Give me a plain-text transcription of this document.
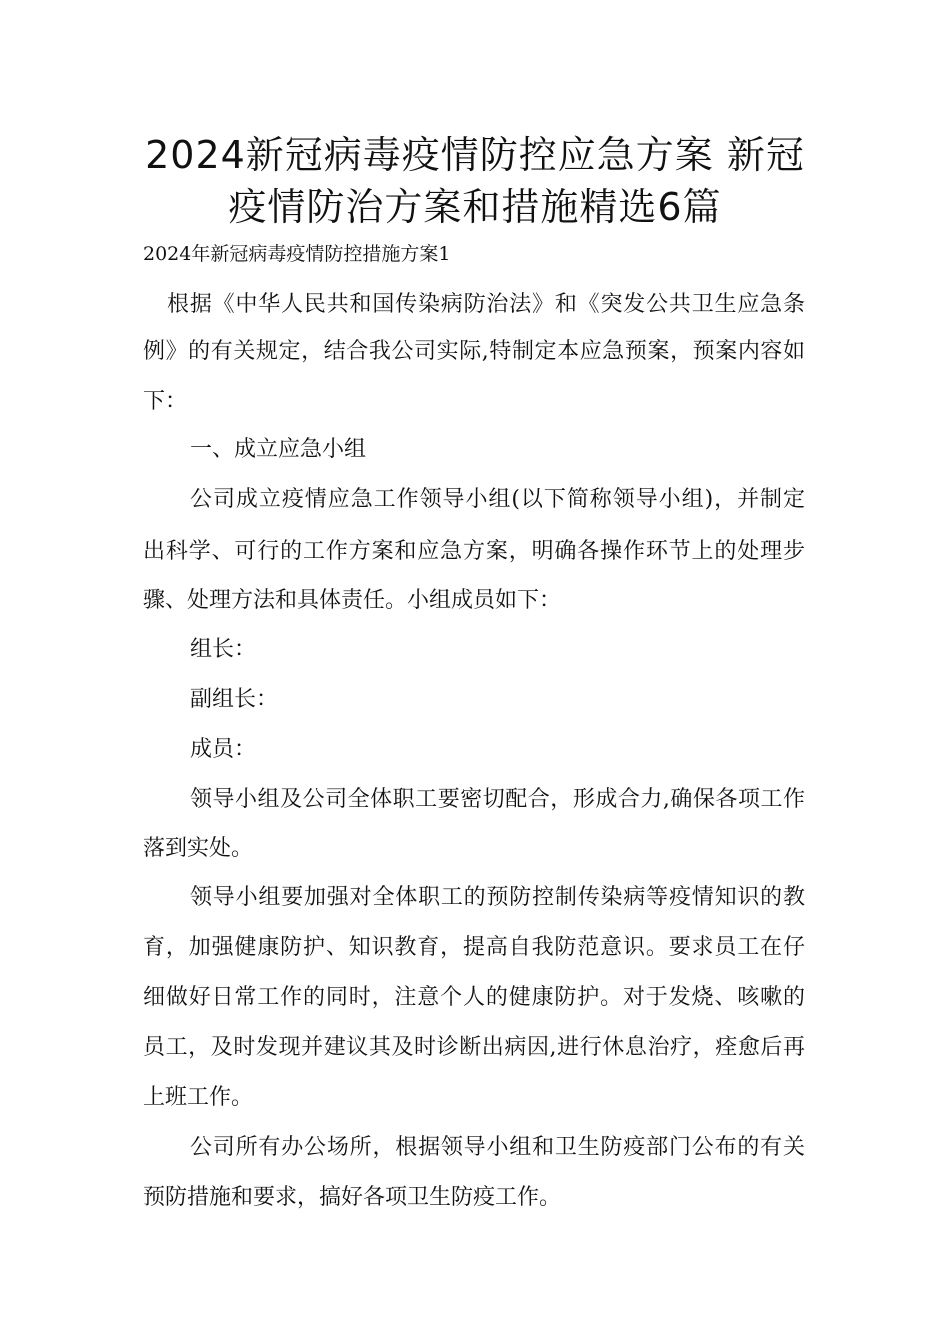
2024新冠病毒疫情防控应急方案 新冠
疫情防治方案和措施精选6篇
2024年新冠病毒疫情防控措施方案1
根据《中华人民共和国传染病防治法》和《突发公共卫生应急条
例》的有关规定，结合我公司实际,特制定本应急预案，预案内容如
下：
一、成立应急小组
公司成立疫情应急工作领导小组(以下简称领导小组)，并制定
出科学、可行的工作方案和应急方案，明确各操作环节上的处理步
骤、处理方法和具体责任。小组成员如下：
组长：
副组长：
成员：
领导小组及公司全体职工要密切配合，形成合力,确保各项工作
落到实处。
领导小组要加强对全体职工的预防控制传染病等疫情知识的教
育，加强健康防护、知识教育，提高自我防范意识。要求员工在仔
细做好日常工作的同时，注意个人的健康防护。对于发烧、咳嗽的
员工，及时发现并建议其及时诊断出病因,进行休息治疗，痊愈后再
上班工作。
公司所有办公场所，根据领导小组和卫生防疫部门公布的有关
预防措施和要求，搞好各项卫生防疫工作。
